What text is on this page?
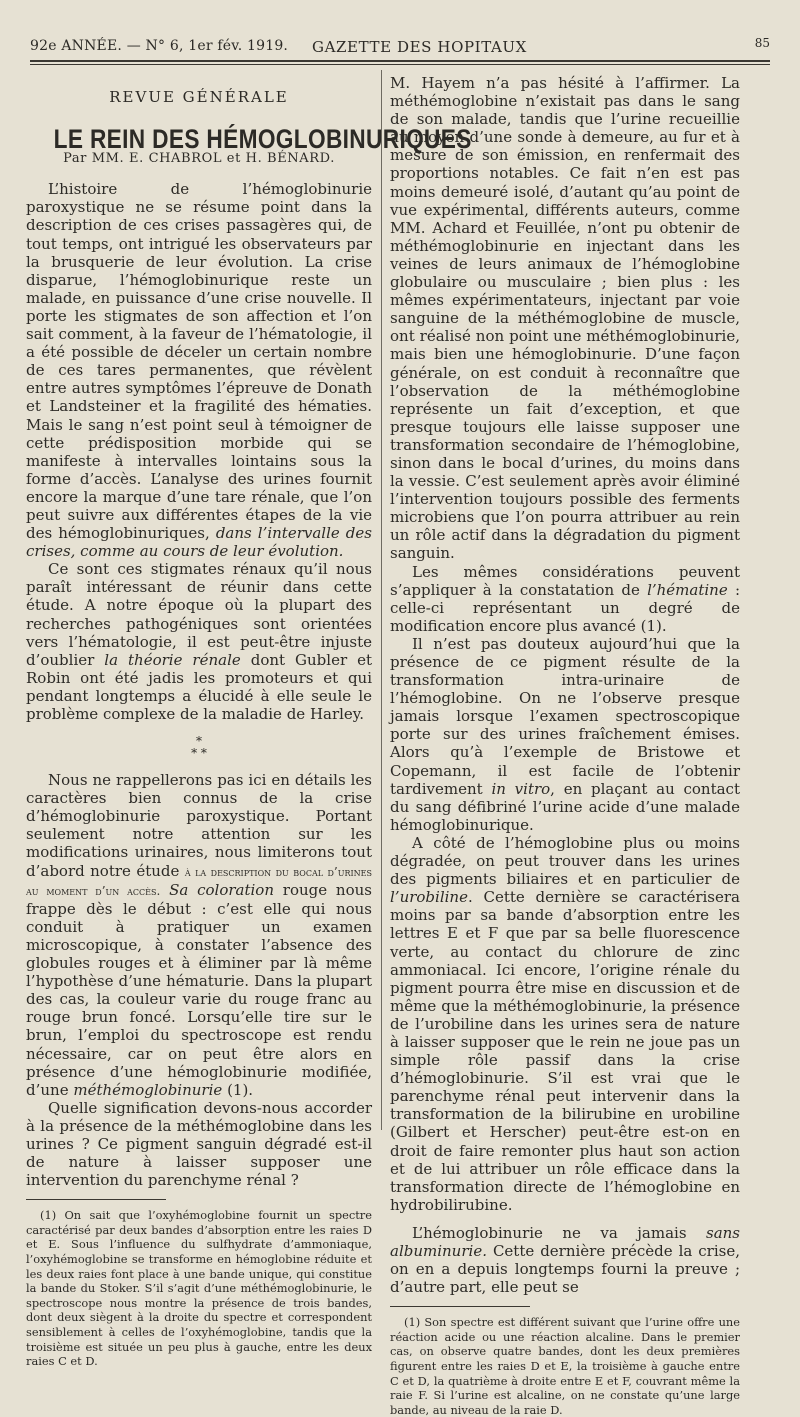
92e ANNÉE. — N° 6, 1er fév. 1919. GAZETTE DES HOPITAUX	85
REVUE GÉNÉRALE
LE REIN DES HÉMOGLOBINURIQUES
Par MM. E. CHABROL et H. BÉNARD.

L’histoire de l’hémoglobinurie paroxystique ne se résume point dans la description de ces crises passagères qui, de tout temps, ont intrigué les observateurs par la brusquerie de leur évolution. La crise disparue, l’hémoglobinurique reste un malade, en puissance d’une crise nouvelle. Il porte les stigmates de son affection et l’on sait comment, à la faveur de l’hématologie, il a été possible de déceler un certain nombre de ces tares permanentes, que révèlent entre autres symptômes l’épreuve de Donath et Landsteiner et la fragilité des hématies. Mais le sang n’est point seul à témoigner de cette prédisposition morbide qui se manifeste à intervalles lointains sous la forme d’accès. L’analyse des urines fournit encore la marque d’une tare rénale, que l’on peut suivre aux différentes étapes de la vie des hémoglobinuriques, dans l’intervalle des crises, comme au cours de leur évolution.

Ce sont ces stigmates rénaux qu’il nous paraît intéressant de réunir dans cette étude. A notre époque où la plupart des recherches pathogéniques sont orientées vers l’hématologie, il est peut-être injuste d’oublier la théorie rénale dont Gubler et Robin ont été jadis les promoteurs et qui pendant longtemps a élucidé à elle seule le problème complexe de la maladie de Harley.

*
* *

Nous ne rappellerons pas ici en détails les caractères bien connus de la crise d’hémoglobinurie paroxystique. Portant seulement notre attention sur les modifications urinaires, nous limiterons tout d’abord notre étude à la description du bocal d’urines au moment d’un accès. Sa coloration rouge nous frappe dès le début : c’est elle qui nous conduit à pratiquer un examen microscopique, à constater l’absence des globules rouges et à éliminer par là même l’hypothèse d’une hématurie. Dans la plupart des cas, la couleur varie du rouge franc au rouge brun foncé. Lorsqu’elle tire sur le brun, l’emploi du spectroscope est rendu nécessaire, car on peut être alors en présence d’une hémoglobinurie modifiée, d’une méthémoglobinurie (1).

Quelle signification devons-nous accorder à la présence de la méthémoglobine dans les urines ? Ce pigment sanguin dégradé est-il de nature à laisser supposer une intervention du parenchyme rénal ?

(1) On sait que l’oxyhémoglobine fournit un spectre caractérisé par deux bandes d’absorption entre les raies D et E. Sous l’influence du sulfhydrate d’ammoniaque, l’oxyhémoglobine se transforme en hémoglobine réduite et les deux raies font place à une bande unique, qui constitue la bande du Stoker. S’il s’agit d’une méthémoglobinurie, le spectroscope nous montre la présence de trois bandes, dont deux siègent à la droite du spectre et correspondent sensiblement à celles de l’oxyhémoglobine, tandis que la troisième est située un peu plus à gauche, entre les deux raies C et D.

M. Hayem n’a pas hésité à l’affirmer. La méthémoglobine n’existait pas dans le sang de son malade, tandis que l’urine recueillie au moyen d’une sonde à demeure, au fur et à mesure de son émission, en renfermait des proportions notables. Ce fait n’en est pas moins demeuré isolé, d’autant qu’au point de vue expérimental, différents auteurs, comme MM. Achard et Feuillée, n’ont pu obtenir de méthémoglobinurie en injectant dans les veines de leurs animaux de l’hémoglobine globulaire ou musculaire ; bien plus : les mêmes expérimentateurs, injectant par voie sanguine de la méthémoglobine de muscle, ont réalisé non point une méthémoglobinurie, mais bien une hémoglobinurie. D’une façon générale, on est conduit à reconnaître que l’observation de la méthémoglobine représente un fait d’exception, et que presque toujours elle laisse supposer une transformation secondaire de l’hémoglobine, sinon dans le bocal d’urines, du moins dans la vessie. C’est seulement après avoir éliminé l’intervention toujours possible des ferments microbiens que l’on pourra attribuer au rein un rôle actif dans la dégradation du pigment sanguin.

Les mêmes considérations peuvent s’appliquer à la constatation de l’hématine : celle-ci représentant un degré de modification encore plus avancé (1).

Il n’est pas douteux aujourd’hui que la présence de ce pigment résulte de la transformation intra-urinaire de l’hémoglobine. On ne l’observe presque jamais lorsque l’examen spectroscopique porte sur des urines fraîchement émises. Alors qu’à l’exemple de Bristowe et Copemann, il est facile de l’obtenir tardivement in vitro, en plaçant au contact du sang défibriné l’urine acide d’une malade hémoglobinurique.

A côté de l’hémoglobine plus ou moins dégradée, on peut trouver dans les urines des pigments biliaires et en particulier de l’urobiline. Cette dernière se caractérisera moins par sa bande d’absorption entre les lettres E et F que par sa belle fluorescence verte, au contact du chlorure de zinc ammoniacal. Ici encore, l’origine rénale du pigment pourra être mise en discussion et de même que la méthémoglobinurie, la présence de l’urobiline dans les urines sera de nature à laisser supposer que le rein ne joue pas un simple rôle passif dans la crise d’hémoglobinurie. S’il est vrai que le parenchyme rénal peut intervenir dans la transformation de la bilirubine en urobiline (Gilbert et Herscher) peut-être est-on en droit de faire remonter plus haut son action et de lui attribuer un rôle efficace dans la transformation directe de l’hémoglobine en hydrobilirubine.

L’hémoglobinurie ne va jamais sans albuminurie. Cette dernière précède la crise, on en a depuis longtemps fourni la preuve ; d’autre part, elle peut se

(1) Son spectre est différent suivant que l’urine offre une réaction acide ou une réaction alcaline. Dans le premier cas, on observe quatre bandes, dont les deux premières figurent entre les raies D et E, la troisième à gauche entre C et D, la quatrième à droite entre E et F, couvrant même la raie F. Si l’urine est alcaline, on ne constate qu’une large bande, au niveau de la raie D.
